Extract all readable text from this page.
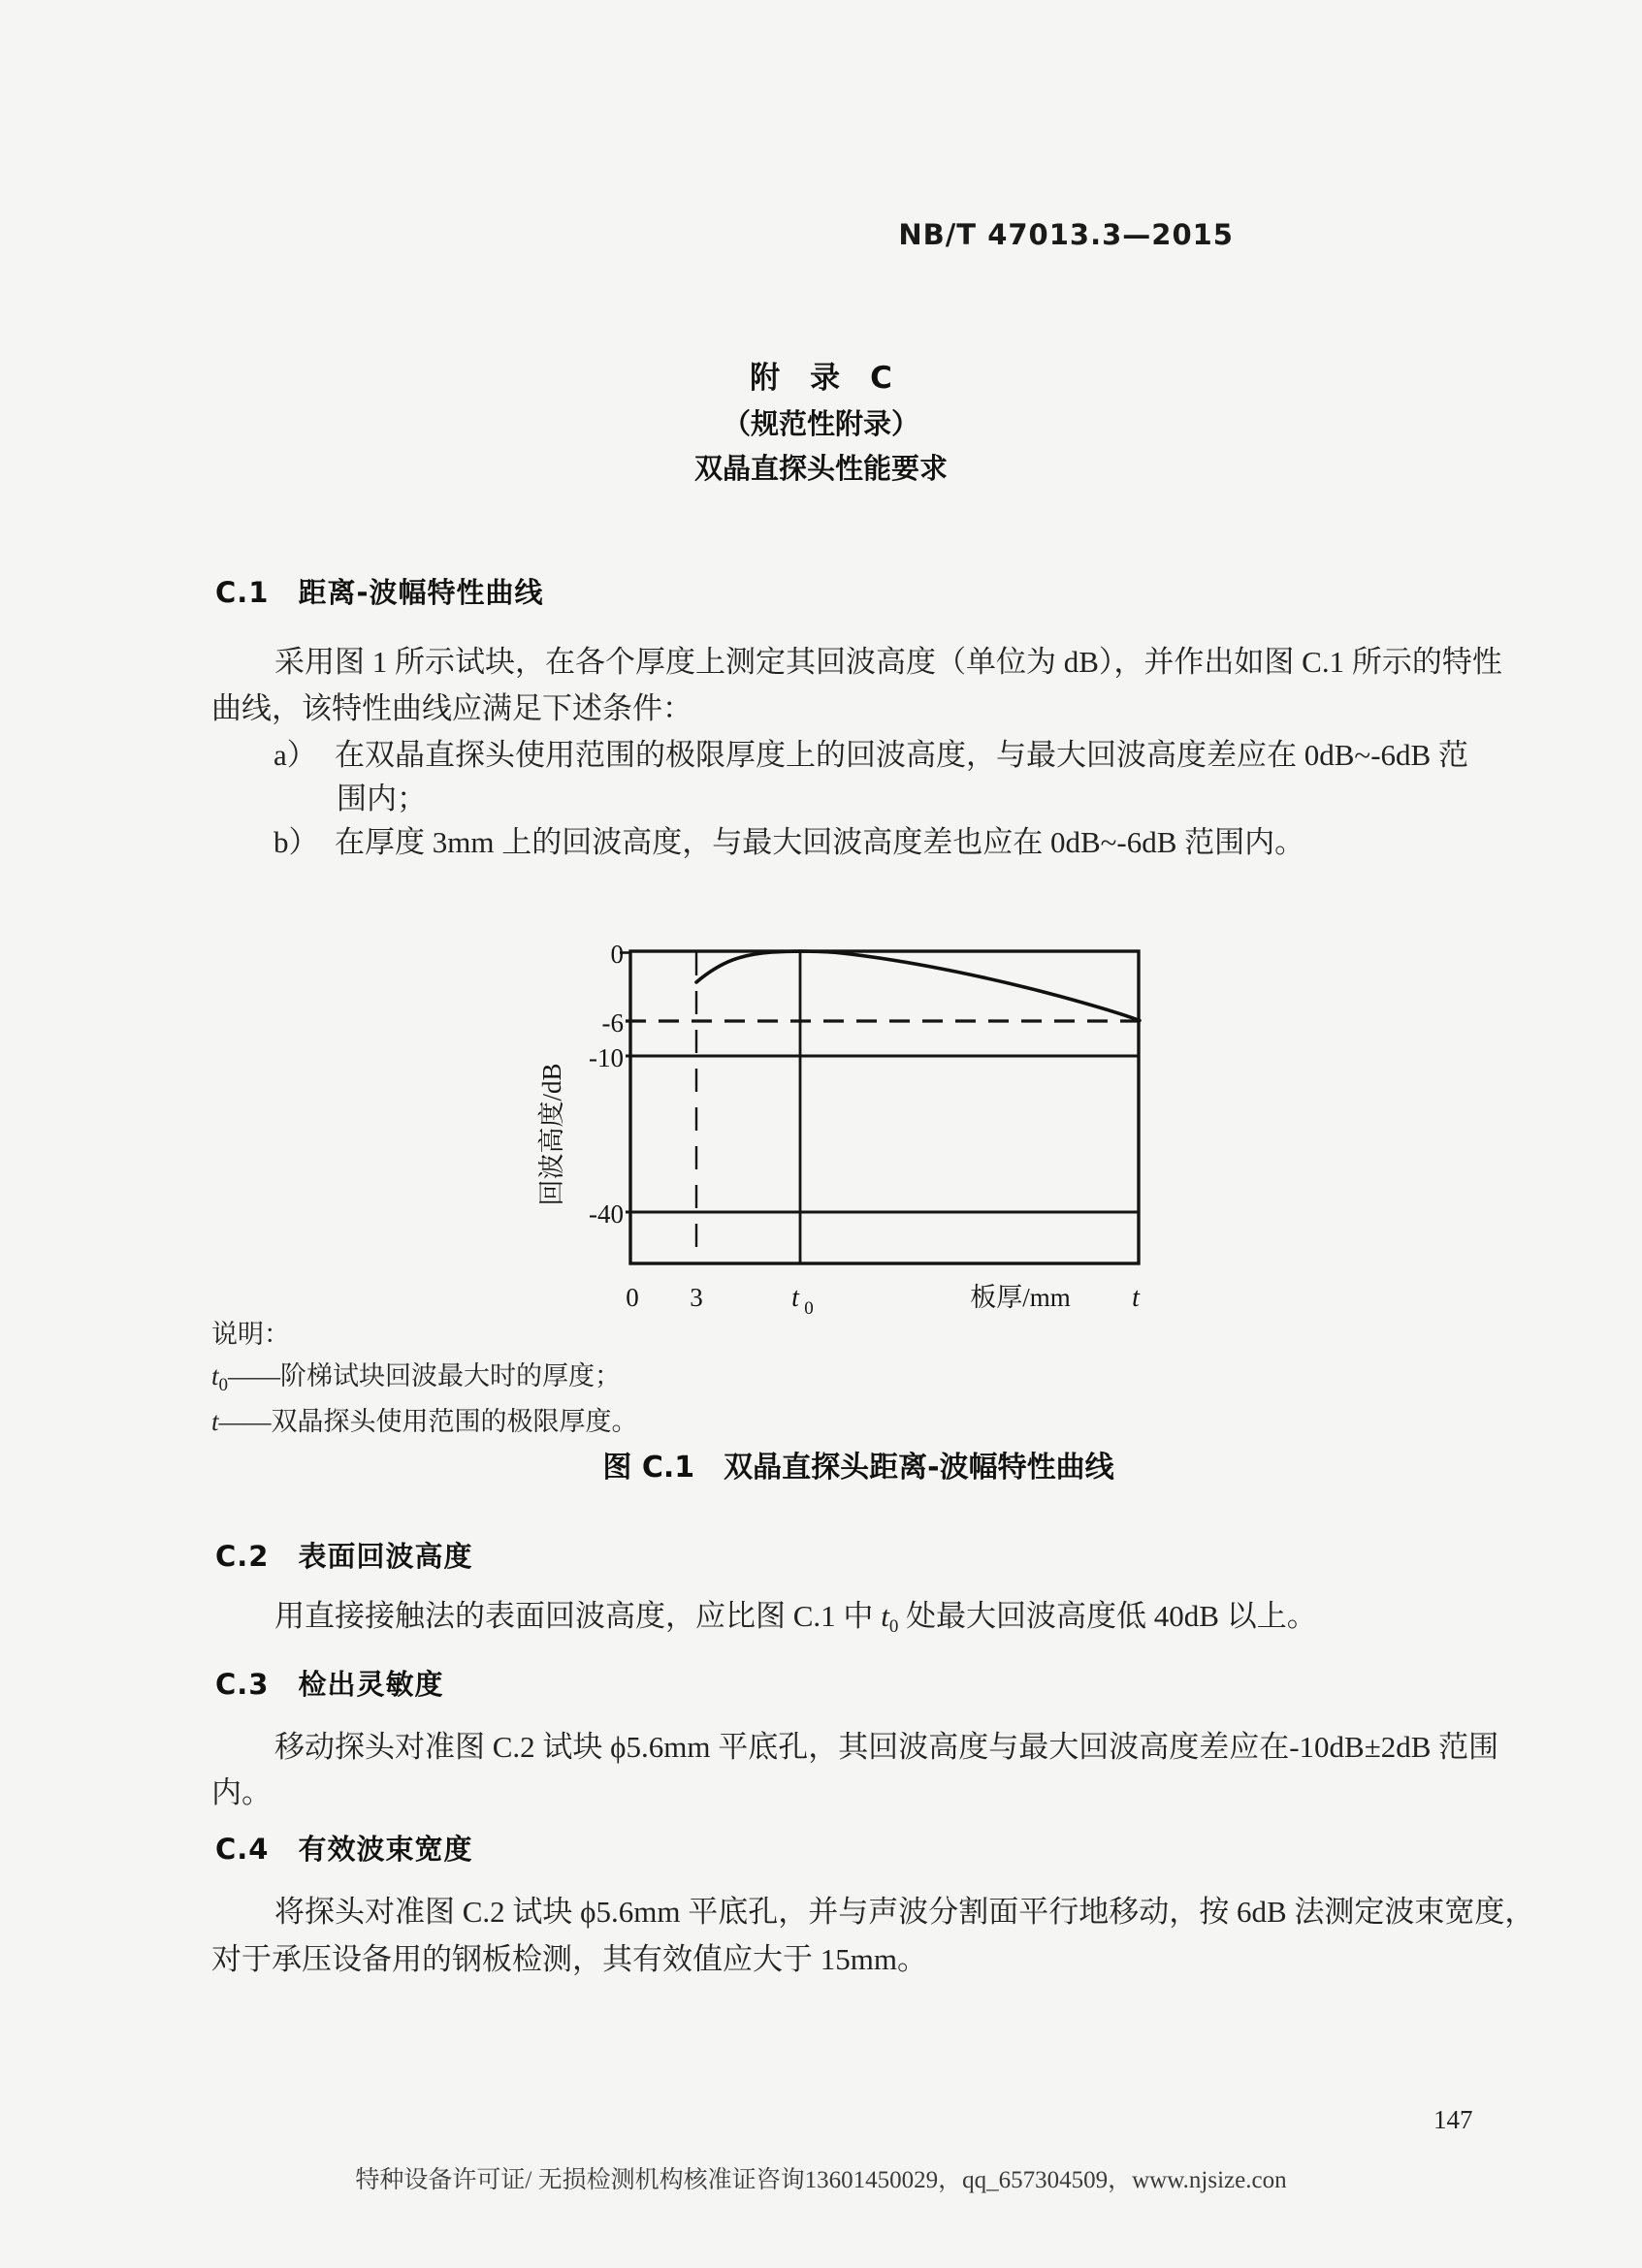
NB/T 47013.3—2015
附　录　C
（规范性附录）
双晶直探头性能要求
C.1　距离-波幅特性曲线
采用图 1 所示试块，在各个厚度上测定其回波高度（单位为 dB），并作出如图 C.1 所示的特性
曲线，该特性曲线应满足下述条件：
a） 在双晶直探头使用范围的极限厚度上的回波高度，与最大回波高度差应在 0dB~-6dB 范
围内；
b） 在厚度 3mm 上的回波高度，与最大回波高度差也应在 0dB~-6dB 范围内。
回波高度/dB
0
-6
-10
-40
0 3	t 0	板厚/mm t
说明：
$t_0——$阶梯试块回波最大时的厚度；
t——双晶探头使用范围的极限厚度。
图 C.1　双晶直探头距离-波幅特性曲线
C.2　表面回波高度
用直接接触法的表面回波高度，应比图 C.1 中 t0 处最大回波高度低 40dB 以上。
C.3　检出灵敏度
移动探头对准图 C.2 试块 ϕ5.6mm 平底孔，其回波高度与最大回波高度差应在-10dB±2dB 范围
内。
C.4　有效波束宽度
将探头对准图 C.2 试块 ϕ5.6mm 平底孔，并与声波分割面平行地移动，按 6dB 法测定波束宽度，
对于承压设备用的钢板检测，其有效值应大于 15mm。
147
特种设备许可证/ 无损检测机构核准证咨询13601450029，qq_657304509，www.njsize.con
